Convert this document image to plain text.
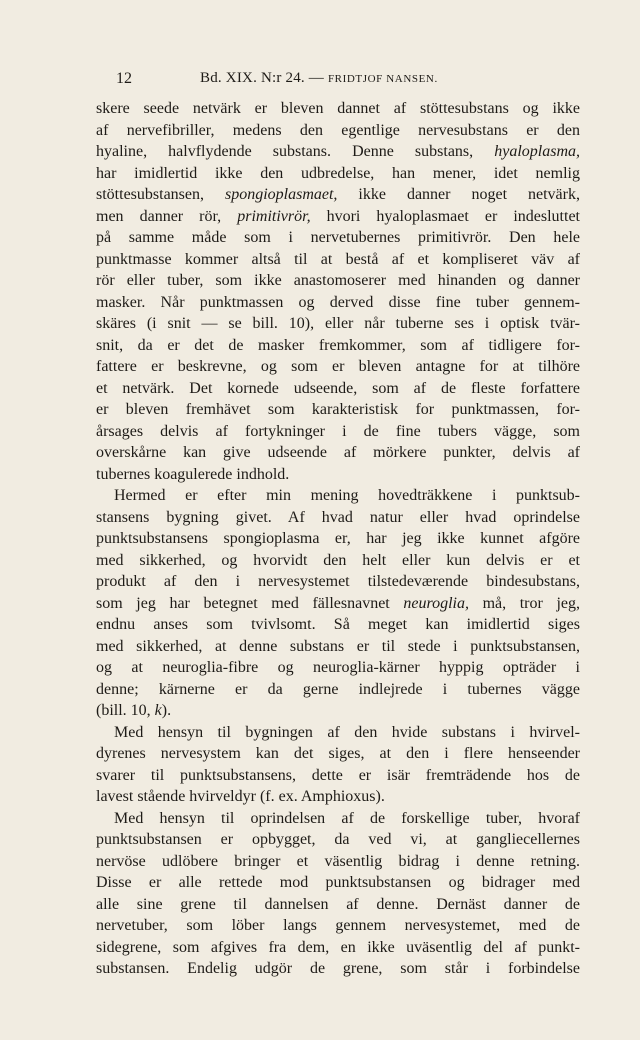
12	Bd. XIX. N:r 24. — FRIDTJOF NANSEN.
skere seede netvärk er bleven dannet af stöttesubstans og ikke
af nervefibriller, medens den egentlige nervesubstans er den
hyaline, halvflydende substans. Denne substans, hyaloplasma,
har imidlertid ikke den udbredelse, han mener, idet nemlig
stöttesubstansen, spongioplasmaet, ikke danner noget netvärk,
men danner rör, primitivrör, hvori hyaloplasmaet er indesluttet
på samme måde som i nervetubernes primitivrör. Den hele
punktmasse kommer altså til at bestå af et kompliseret väv af
rör eller tuber, som ikke anastomoserer med hinanden og danner
masker. Når punktmassen og derved disse fine tuber gennem-
skäres (i snit — se bill. 10), eller når tuberne ses i optisk tvär-
snit, da er det de masker fremkommer, som af tidligere for-
fattere er beskrevne, og som er bleven antagne for at tilhöre
et netvärk. Det kornede udseende, som af de fleste forfattere
er bleven fremhävet som karakteristisk for punktmassen, for-
årsages delvis af fortykninger i de fine tubers vägge, som
overskårne kan give udseende af mörkere punkter, delvis af
tubernes koagulerede indhold.
Hermed er efter min mening hovedträkkene i punktsub-
stansens bygning givet. Af hvad natur eller hvad oprindelse
punktsubstansens spongioplasma er, har jeg ikke kunnet afgöre
med sikkerhed, og hvorvidt den helt eller kun delvis er et
produkt af den i nervesystemet tilstedeværende bindesubstans,
som jeg har betegnet med fällesnavnet neuroglia, må, tror jeg,
endnu anses som tvivlsomt. Så meget kan imidlertid siges
med sikkerhed, at denne substans er til stede i punktsubstansen,
og at neuroglia-fibre og neuroglia-kärner hyppig opträder i
denne; kärnerne er da gerne indlejrede i tubernes vägge
(bill. 10, k).
Med hensyn til bygningen af den hvide substans i hvirvel-
dyrenes nervesystem kan det siges, at den i flere henseender
svarer til punktsubstansens, dette er isär fremträdende hos de
lavest stående hvirveldyr (f. ex. Amphioxus).
Med hensyn til oprindelsen af de forskellige tuber, hvoraf
punktsubstansen er opbygget, da ved vi, at gangliecellernes
nervöse udlöbere bringer et väsentlig bidrag i denne retning.
Disse er alle rettede mod punktsubstansen og bidrager med
alle sine grene til dannelsen af denne. Dernäst danner de
nervetuber, som löber langs gennem nervesystemet, med de
sidegrene, som afgives fra dem, en ikke uväsentlig del af punkt-
substansen. Endelig udgör de grene, som står i forbindelse
